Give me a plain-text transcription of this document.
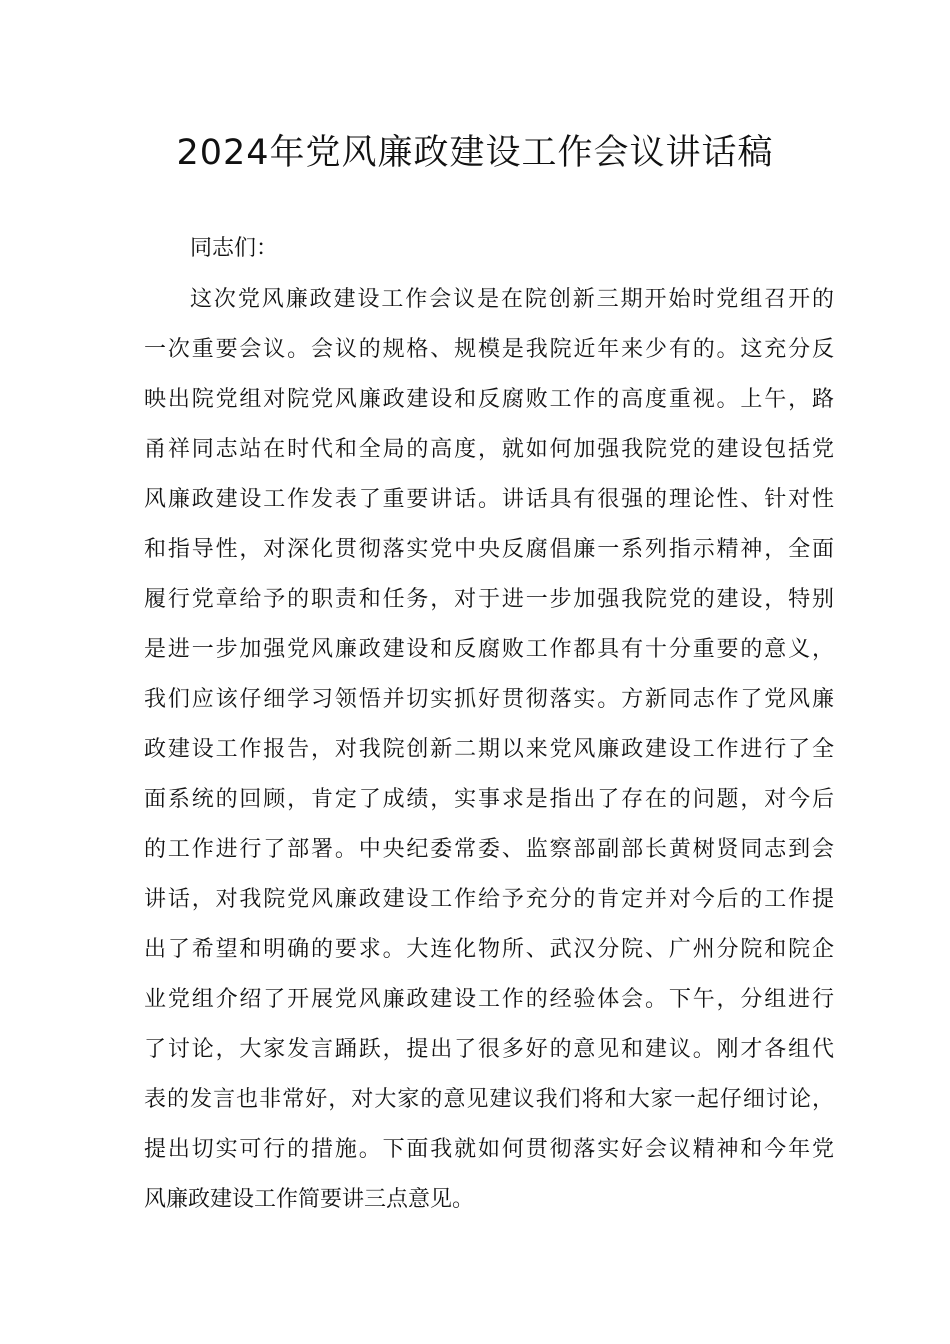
2024年党风廉政建设工作会议讲话稿

同志们：

这次党风廉政建设工作会议是在院创新三期开始时党组召开的
一次重要会议。会议的规格、规模是我院近年来少有的。这充分反
映出院党组对院党风廉政建设和反腐败工作的高度重视。上午，路
甬祥同志站在时代和全局的高度，就如何加强我院党的建设包括党
风廉政建设工作发表了重要讲话。讲话具有很强的理论性、针对性
和指导性，对深化贯彻落实党中央反腐倡廉一系列指示精神，全面
履行党章给予的职责和任务，对于进一步加强我院党的建设，特别
是进一步加强党风廉政建设和反腐败工作都具有十分重要的意义，
我们应该仔细学习领悟并切实抓好贯彻落实。方新同志作了党风廉
政建设工作报告，对我院创新二期以来党风廉政建设工作进行了全
面系统的回顾，肯定了成绩，实事求是指出了存在的问题，对今后
的工作进行了部署。中央纪委常委、监察部副部长黄树贤同志到会
讲话，对我院党风廉政建设工作给予充分的肯定并对今后的工作提
出了希望和明确的要求。大连化物所、武汉分院、广州分院和院企
业党组介绍了开展党风廉政建设工作的经验体会。下午，分组进行
了讨论，大家发言踊跃，提出了很多好的意见和建议。刚才各组代
表的发言也非常好，对大家的意见建议我们将和大家一起仔细讨论，
提出切实可行的措施。下面我就如何贯彻落实好会议精神和今年党
风廉政建设工作简要讲三点意见。
